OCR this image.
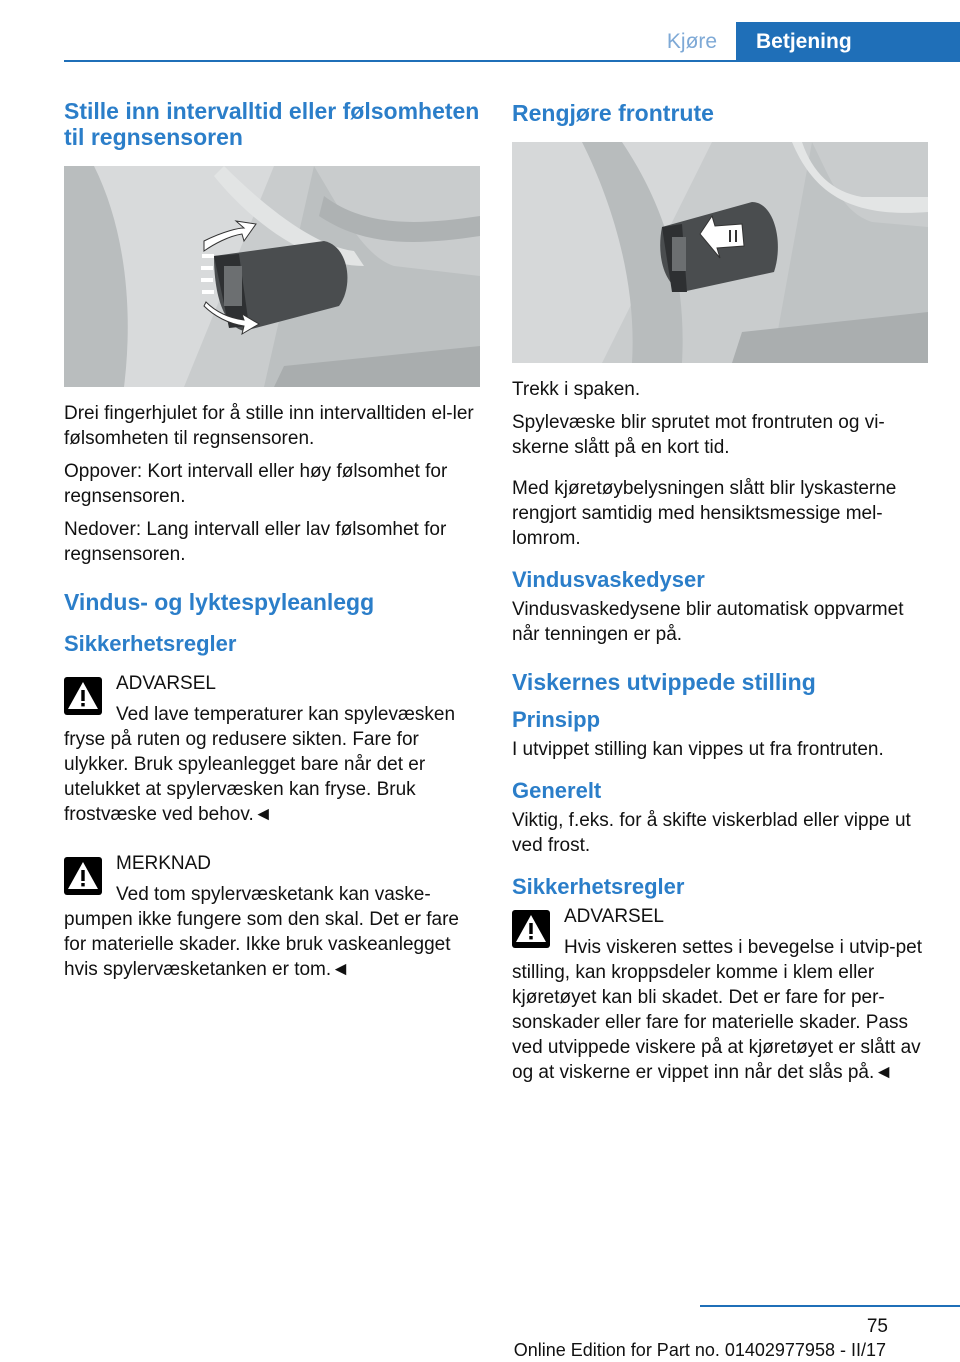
Kjøre	Betjening
Stille inn intervalltid eller følsomheten til regnsensoren

Drei fingerhjulet for å stille inn intervalltiden el-ler følsomheten til regnsensoren.

Oppover: Kort intervall eller høy følsomhet for regnsensoren.

Nedover: Lang intervall eller lav følsomhet for regnsensoren.

Vindus- og lyktespyleanlegg
Sikkerhetsregler

ADVARSEL

Ved lave temperaturer kan spylevæsken fryse på ruten og redusere sikten. Fare for ulykker. Bruk spyleanlegget bare når det er utelukket at spylervæsken kan fryse. Bruk frostvæske ved behov.◄

MERKNAD

Ved tom spylervæsketank kan vaske-pumpen ikke fungere som den skal. Det er fare for materielle skader. Ikke bruk vaskeanlegget hvis spylervæsketanken er tom.◄

Rengjøre frontrute

Trekk i spaken.

Spylevæske blir sprutet mot frontruten og vi-skerne slått på en kort tid.

Med kjøretøybelysningen slått blir lyskasterne rengjort samtidig med hensiktsmessige mel-lomrom.

Vindusvaskedyser

Vindusvaskedysene blir automatisk oppvarmet når tenningen er på.

Viskernes utvippede stilling
Prinsipp

I utvippet stilling kan vippes ut fra frontruten.

Generelt

Viktig, f.eks. for å skifte viskerblad eller vippe ut ved frost.

Sikkerhetsregler

ADVARSEL

Hvis viskeren settes i bevegelse i utvip-pet stilling, kan kroppsdeler komme i klem eller kjøretøyet kan bli skadet. Det er fare for per-sonskader eller fare for materielle skader. Pass ved utvippede viskere på at kjøretøyet er slått av og at viskerne er vippet inn når det slås på.◄

75
Online Edition for Part no. 01402977958 - II/17
